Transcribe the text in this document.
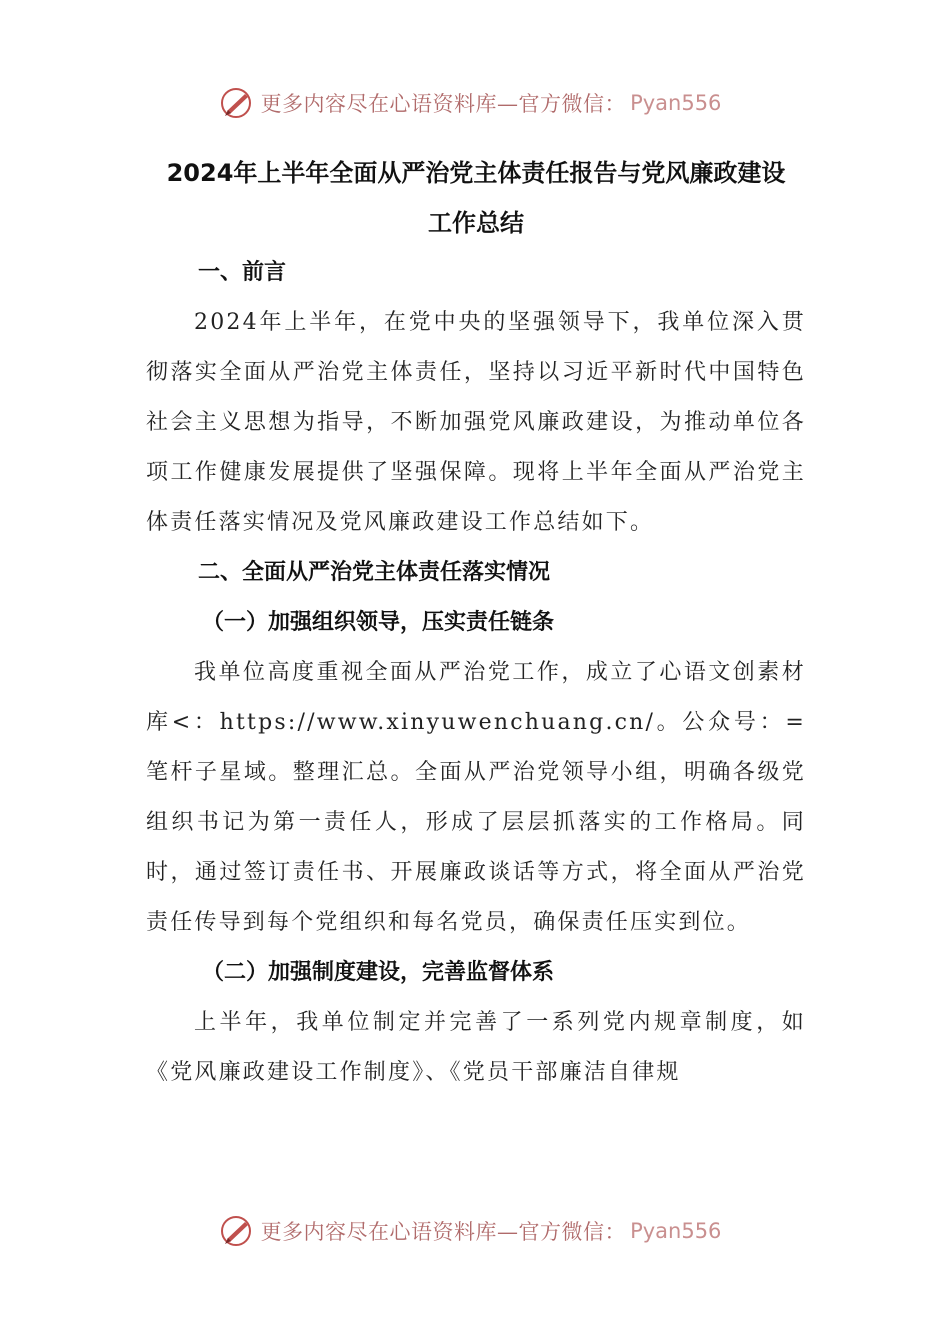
更多内容尽在心语资料库—官方微信： Pyan556

2024年上半年全面从严治党主体责任报告与党风廉政建设

工作总结

一、前言

2024年上半年，在党中央的坚强领导下，我单位深入贯彻落实全面从严治党主体责任，坚持以习近平新时代中国特色社会主义思想为指导，不断加强党风廉政建设，为推动单位各项工作健康发展提供了坚强保障。现将上半年全面从严治党主体责任落实情况及党风廉政建设工作总结如下。

二、全面从严治党主体责任落实情况

（一）加强组织领导，压实责任链条

我单位高度重视全面从严治党工作，成立了心语文创素材库<：https://www.xinyuwenchuang.cn/。公众号：=笔杆子星域。整理汇总。全面从严治党领导小组，明确各级党组织书记为第一责任人，形成了层层抓落实的工作格局。同时，通过签订责任书、开展廉政谈话等方式，将全面从严治党责任传导到每个党组织和每名党员，确保责任压实到位。

（二）加强制度建设，完善监督体系

上半年，我单位制定并完善了一系列党内规章制度，如《党风廉政建设工作制度》、《党员干部廉洁自律规

更多内容尽在心语资料库—官方微信： Pyan556
